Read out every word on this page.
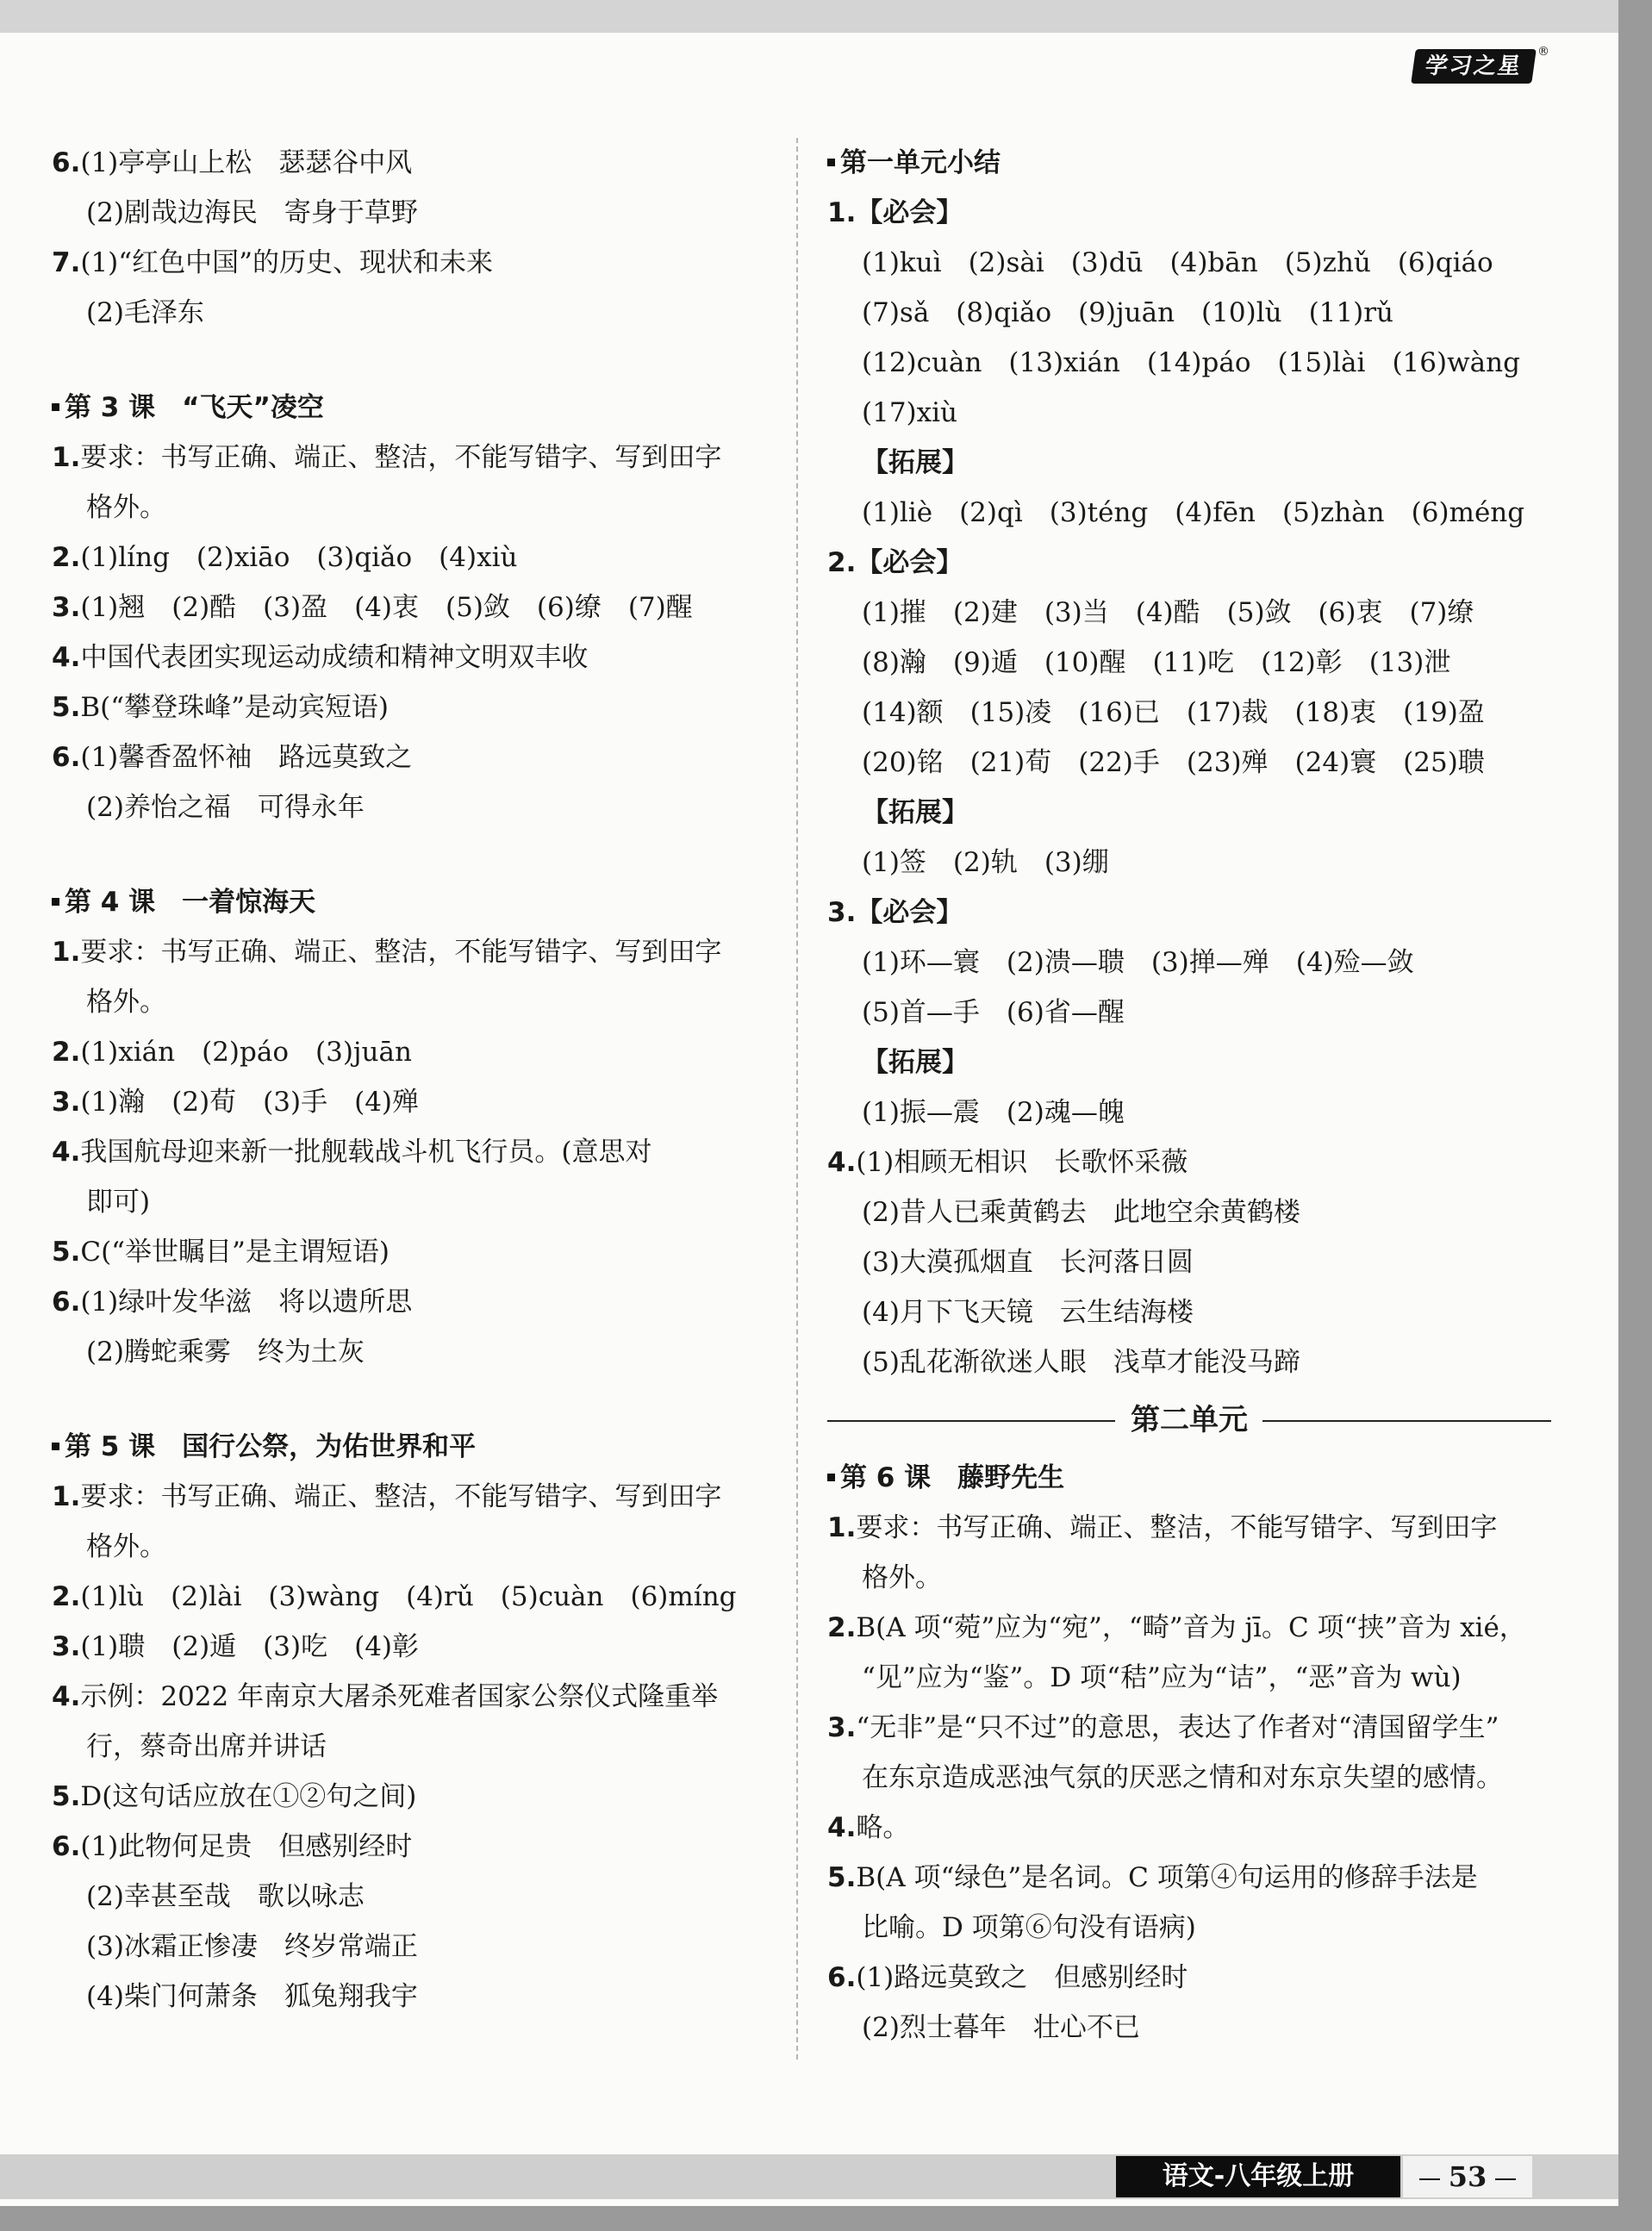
学习之星
®
6.(1)亭亭山上松　瑟瑟谷中风
(2)剧哉边海民　寄身于草野
7.(1)“红色中国”的历史、现状和未来
(2)毛泽东
第 3 课　“飞天”凌空
1.要求：书写正确、端正、整洁，不能写错字、写到田字
格外。
2.(1)líng　(2)xiāo　(3)qiǎo　(4)xiù
3.(1)翘　(2)酷　(3)盈　(4)衷　(5)敛　(6)缭　(7)醒
4.中国代表团实现运动成绩和精神文明双丰收
5.B(“攀登珠峰”是动宾短语)
6.(1)馨香盈怀袖　路远莫致之
(2)养怡之福　可得永年
第 4 课　一着惊海天
1.要求：书写正确、端正、整洁，不能写错字、写到田字
格外。
2.(1)xián　(2)páo　(3)juān
3.(1)瀚　(2)荀　(3)手　(4)殚
4.我国航母迎来新一批舰载战斗机飞行员。(意思对
即可)
5.C(“举世瞩目”是主谓短语)
6.(1)绿叶发华滋　将以遗所思
(2)腾蛇乘雾　终为土灰
第 5 课　国行公祭，为佑世界和平
1.要求：书写正确、端正、整洁，不能写错字、写到田字
格外。
2.(1)lù　(2)lài　(3)wàng　(4)rǔ　(5)cuàn　(6)míng
3.(1)聩　(2)遁　(3)吃　(4)彰
4.示例：2022 年南京大屠杀死难者国家公祭仪式隆重举
行，蔡奇出席并讲话
5.D(这句话应放在①②句之间)
6.(1)此物何足贵　但感别经时
(2)幸甚至哉　歌以咏志
(3)冰霜正惨凄　终岁常端正
(4)柴门何萧条　狐兔翔我宇
第一单元小结
1.【必会】
(1)kuì　(2)sài　(3)dū　(4)bān　(5)zhǔ　(6)qiáo
(7)sǎ　(8)qiǎo　(9)juān　(10)lù　(11)rǔ
(12)cuàn　(13)xián　(14)páo　(15)lài　(16)wàng
(17)xiù
【拓展】
(1)liè　(2)qì　(3)téng　(4)fēn　(5)zhàn　(6)méng
2.【必会】
(1)摧　(2)建　(3)当　(4)酷　(5)敛　(6)衷　(7)缭
(8)瀚　(9)遁　(10)醒　(11)吃　(12)彰　(13)泄
(14)额　(15)凌　(16)已　(17)裁　(18)衷　(19)盈
(20)铭　(21)荀　(22)手　(23)殚　(24)寰　(25)聩
【拓展】
(1)签　(2)轨　(3)绷
3.【必会】
(1)环—寰　(2)溃—聩　(3)掸—殚　(4)殓—敛
(5)首—手　(6)省—醒
【拓展】
(1)振—震　(2)魂—魄
4.(1)相顾无相识　长歌怀采薇
(2)昔人已乘黄鹤去　此地空余黄鹤楼
(3)大漠孤烟直　长河落日圆
(4)月下飞天镜　云生结海楼
(5)乱花渐欲迷人眼　浅草才能没马蹄
第二单元
第 6 课　藤野先生
1.要求：书写正确、端正、整洁，不能写错字、写到田字
格外。
2.B(A 项“菀”应为“宛”，“畸”音为 jī。C 项“挟”音为 xié，
“见”应为“鉴”。D 项“秸”应为“诘”，“恶”音为 wù)
3.“无非”是“只不过”的意思，表达了作者对“清国留学生”
在东京造成恶浊气氛的厌恶之情和对东京失望的感情。
4.略。
5.B(A 项“绿色”是名词。C 项第④句运用的修辞手法是
比喻。D 项第⑥句没有语病)
6.(1)路远莫致之　但感别经时
(2)烈士暮年　壮心不已
语文-八年级上册	53
